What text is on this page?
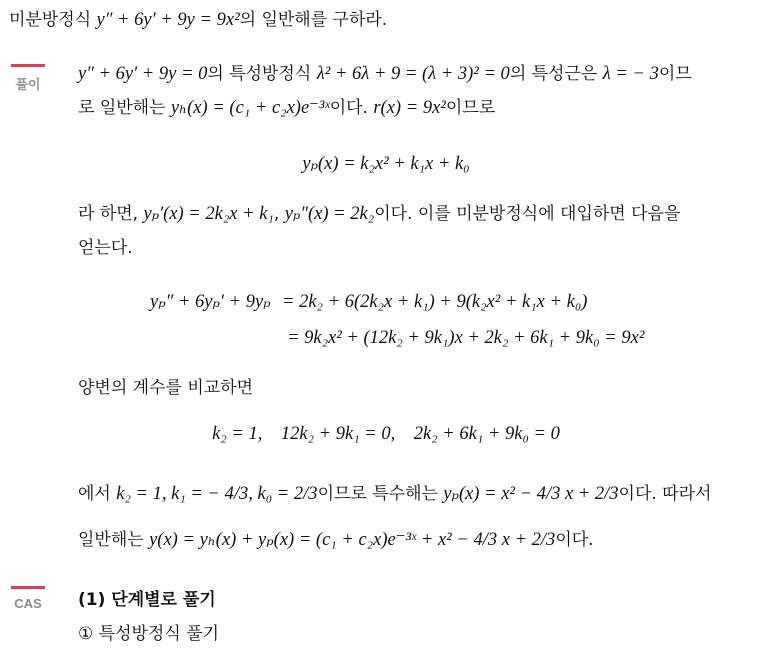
미분방정식 y″ + 6y′ + 9y = 9x²의 일반해를 구하라.
풀이
y″ + 6y′ + 9y = 0의 특성방정식 λ² + 6λ + 9 = (λ + 3)² = 0의 특성근은 λ = − 3이므
로 일반해는 yₕ(x) = (c₁ + c₂x)e⁻³ˣ이다. r(x) = 9x²이므로
yₚ(x) = k₂x² + k₁x + k₀
라 하면, yₚ′(x) = 2k₂x + k₁, yₚ″(x) = 2k₂이다. 이를 미분방정식에 대입하면 다음을
얻는다.
yₚ″ + 6yₚ′ + 9yₚ = 2k₂ + 6(2k₂x + k₁) + 9(k₂x² + k₁x + k₀)
= 9k₂x² + (12k₂ + 9k₁)x + 2k₂ + 6k₁ + 9k₀ = 9x²
양변의 계수를 비교하면
k₂ = 1,    12k₂ + 9k₁ = 0,    2k₂ + 6k₁ + 9k₀ = 0
에서 k₂ = 1, k₁ = − 4/3, k₀ = 2/3이므로 특수해는 yₚ(x) = x² − 4/3 x + 2/3이다. 따라서
일반해는 y(x) = yₕ(x) + yₚ(x) = (c₁ + c₂x)e⁻³ˣ + x² − 4/3 x + 2/3이다.
CAS	(1) 단계별로 풀기
① 특성방정식 풀기
